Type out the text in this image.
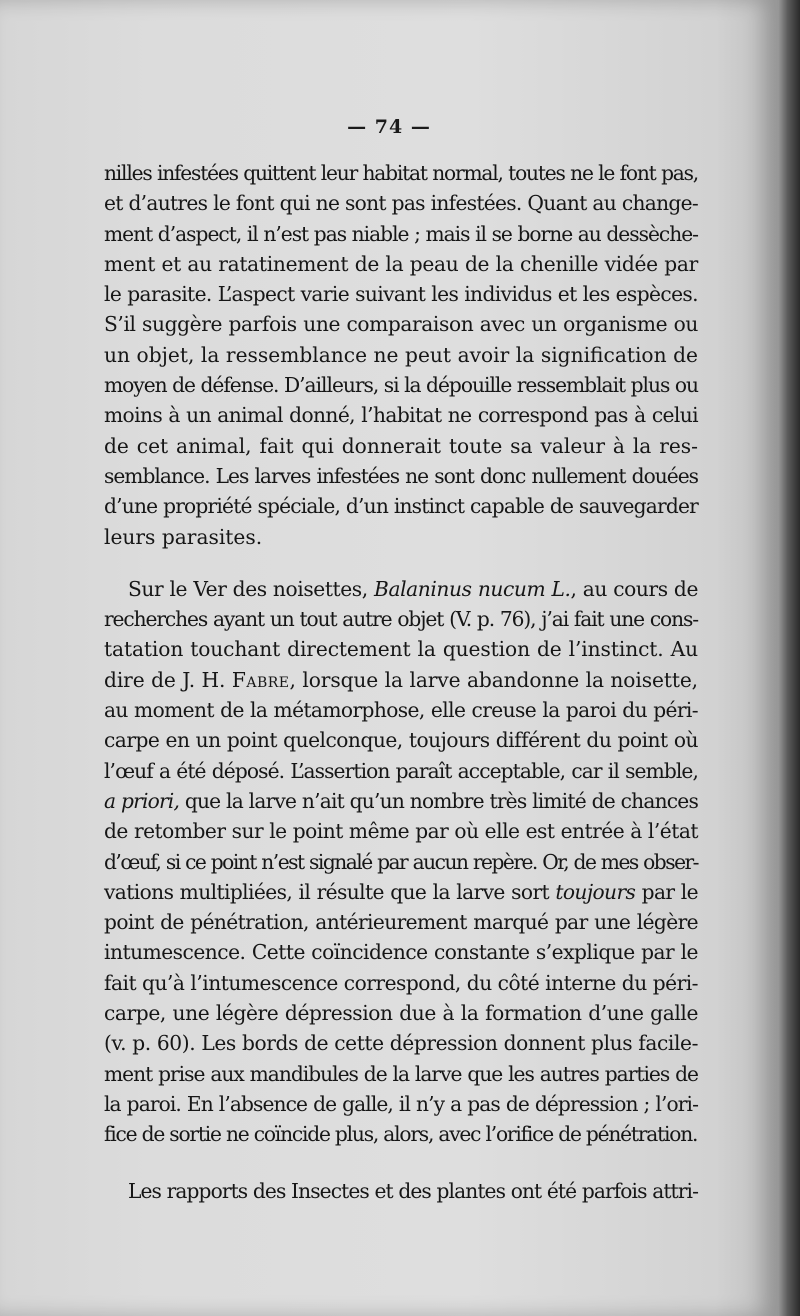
— 74 —
nilles infestées quittent leur habitat normal, toutes ne le font pas,
et d’autres le font qui ne sont pas infestées. Quant au change-
ment d’aspect, il n’est pas niable ; mais il se borne au dessèche-
ment et au ratatinement de la peau de la chenille vidée par
le parasite. L’aspect varie suivant les individus et les espèces.
S’il suggère parfois une comparaison avec un organisme ou
un objet, la ressemblance ne peut avoir la signification de
moyen de défense. D’ailleurs, si la dépouille ressemblait plus ou
moins à un animal donné, l’habitat ne correspond pas à celui
de cet animal, fait qui donnerait toute sa valeur à la res-
semblance. Les larves infestées ne sont donc nullement douées
d’une propriété spéciale, d’un instinct capable de sauvegarder
leurs parasites.
Sur le Ver des noisettes, Balaninus nucum L., au cours de
recherches ayant un tout autre objet (V. p. 76), j’ai fait une cons-
tatation touchant directement la question de l’instinct. Au
dire de J. H. Fabre, lorsque la larve abandonne la noisette,
au moment de la métamorphose, elle creuse la paroi du péri-
carpe en un point quelconque, toujours différent du point où
l’œuf a été déposé. L’assertion paraît acceptable, car il semble,
a priori, que la larve n’ait qu’un nombre très limité de chances
de retomber sur le point même par où elle est entrée à l’état
d’œuf, si ce point n’est signalé par aucun repère. Or, de mes obser-
vations multipliées, il résulte que la larve sort toujours par le
point de pénétration, antérieurement marqué par une légère
intumescence. Cette coïncidence constante s’explique par le
fait qu’à l’intumescence correspond, du côté interne du péri-
carpe, une légère dépression due à la formation d’une galle
(v. p. 60). Les bords de cette dépression donnent plus facile-
ment prise aux mandibules de la larve que les autres parties de
la paroi. En l’absence de galle, il n’y a pas de dépression ; l’ori-
fice de sortie ne coïncide plus, alors, avec l’orifice de pénétration.
Les rapports des Insectes et des plantes ont été parfois attri-
